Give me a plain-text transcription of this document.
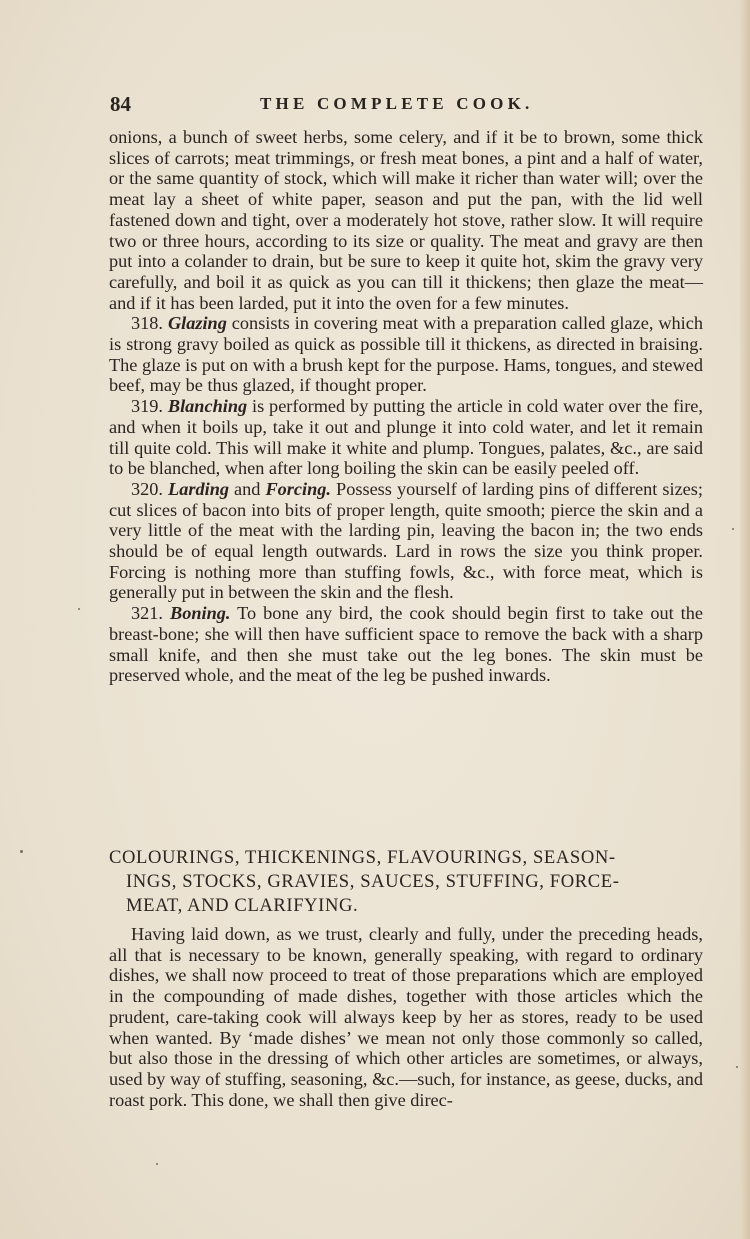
84	THE COMPLETE COOK.

onions, a bunch of sweet herbs, some celery, and if it be to brown, some thick slices of carrots; meat trimmings, or fresh meat bones, a pint and a half of water, or the same quantity of stock, which will make it richer than water will; over the meat lay a sheet of white paper, season and put the pan, with the lid well fastened down and tight, over a moderately hot stove, rather slow. It will require two or three hours, according to its size or quality. The meat and gravy are then put into a colander to drain, but be sure to keep it quite hot, skim the gravy very carefully, and boil it as quick as you can till it thickens; then glaze the meat—and if it has been larded, put it into the oven for a few minutes.

318. Glazing consists in covering meat with a preparation called glaze, which is strong gravy boiled as quick as possible till it thickens, as directed in braising. The glaze is put on with a brush kept for the purpose. Hams, tongues, and stewed beef, may be thus glazed, if thought proper.

319. Blanching is performed by putting the article in cold water over the fire, and when it boils up, take it out and plunge it into cold water, and let it remain till quite cold. This will make it white and plump. Tongues, palates, &c., are said to be blanched, when after long boiling the skin can be easily peeled off.

320. Larding and Forcing. Possess yourself of larding pins of different sizes; cut slices of bacon into bits of proper length, quite smooth; pierce the skin and a very little of the meat with the larding pin, leaving the bacon in; the two ends should be of equal length outwards. Lard in rows the size you think proper. Forcing is nothing more than stuffing fowls, &c., with force meat, which is generally put in between the skin and the flesh.

321. Boning. To bone any bird, the cook should begin first to take out the breast-bone; she will then have sufficient space to remove the back with a sharp small knife, and then she must take out the leg bones. The skin must be preserved whole, and the meat of the leg be pushed inwards.

COLOURINGS, THICKENINGS, FLAVOURINGS, SEASON-
INGS, STOCKS, GRAVIES, SAUCES, STUFFING, FORCE-
MEAT, AND CLARIFYING.

Having laid down, as we trust, clearly and fully, under the preceding heads, all that is necessary to be known, generally speaking, with regard to ordinary dishes, we shall now proceed to treat of those preparations which are employed in the compounding of made dishes, together with those articles which the prudent, care-taking cook will always keep by her as stores, ready to be used when wanted. By ‘made dishes’ we mean not only those commonly so called, but also those in the dressing of which other articles are sometimes, or always, used by way of stuffing, seasoning, &c.—such, for instance, as geese, ducks, and roast pork. This done, we shall then give direc-
